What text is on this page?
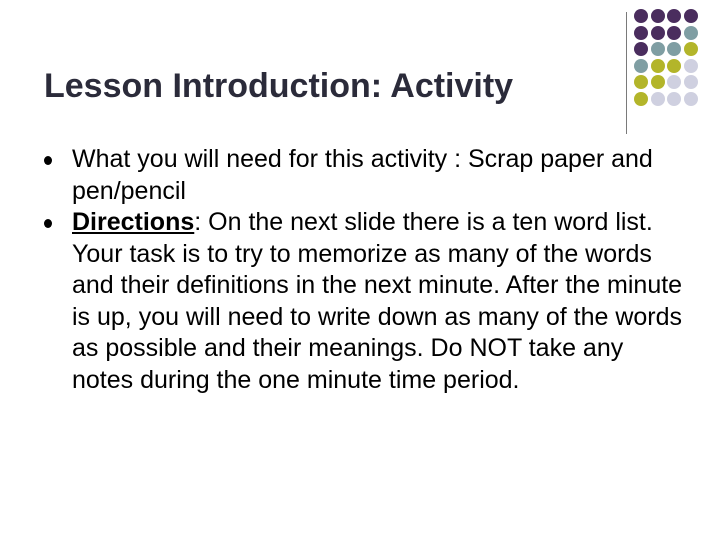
Lesson Introduction: Activity
What you will need for this activity : Scrap paper and pen/pencil
Directions: On the next slide there is a ten word list. Your task is to try to memorize as many of the words and their definitions in the next minute. After the minute is up, you will need to write down as many of the words as possible and their meanings. Do NOT take any notes during the one minute time period.
